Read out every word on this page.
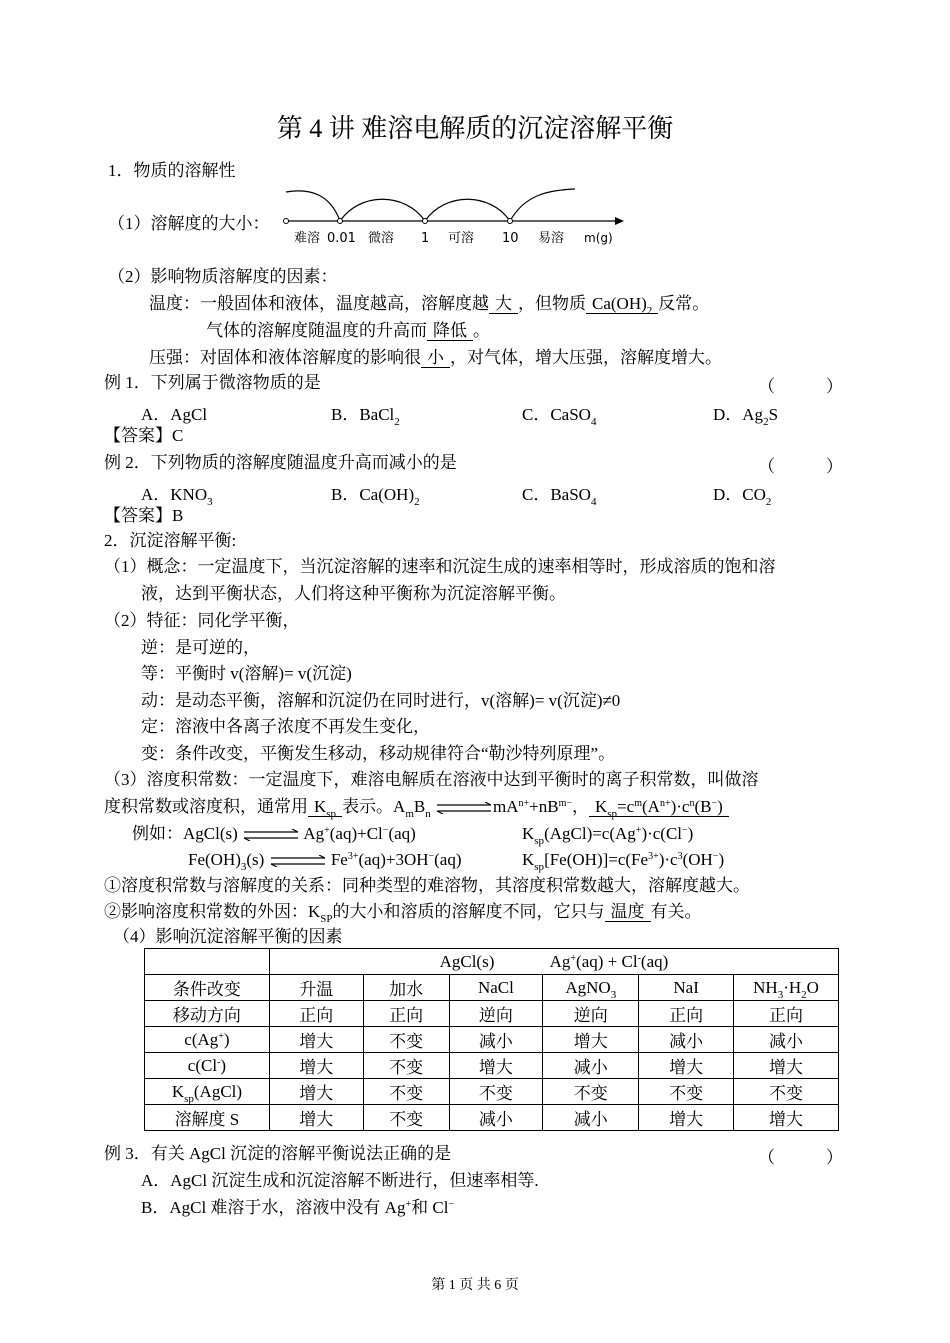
第 4 讲 难溶电解质的沉淀溶解平衡
1．物质的溶解性
（1）溶解度的大小：
难溶 0.01 微溶 1 可溶 10 易溶 m(g)
（2）影响物质溶解度的因素：
温度：一般固体和液体，温度越高，溶解度越 大 ，但物质 $Ca(OH)_2$ 反常。
气体的溶解度随温度的升高而 降低 。
压强：对固体和液体溶解度的影响很 小 ，对气体，增大压强，溶解度增大。
例 1．下列属于微溶物质的是	（　　　）
A．AgCl	B．BaCl$_2$	C．CaSO$_4$	D．$Ag_2S$
【答案】C
例 2．下列物质的溶解度随温度升高而减小的是	（　　　）
A．$KNO_3$	B．$Ca(OH)_2$	C．BaSO$_4$	D．$CO_2$
【答案】B
2．沉淀溶解平衡:
（1）概念：一定温度下，当沉淀溶解的速率和沉淀生成的速率相等时，形成溶质的饱和溶
液，达到平衡状态，人们将这种平衡称为沉淀溶解平衡。
（2）特征：同化学平衡，
逆：是可逆的，
等：平衡时 v(溶解)= v(沉淀)
动：是动态平衡，溶解和沉淀仍在同时进行，v(溶解)= v(沉淀)≠0
定：溶液中各离子浓度不再发生变化，
变：条件改变，平衡发生移动，移动规律符合“勒沙特列原理”。
（3）溶度积常数：一定温度下，难溶电解质在溶液中达到平衡时的离子积常数，叫做溶
度积常数或溶度积，通常用 $K_{sp}$ 表示。$A_mB_n$ $\rightleftharpoons mA^{n+}+nB^{m-}$， $K_{sp}=c^m(A^{n+})\cdot c^n(B^-)$
例如：AgCl(s) ⇌ Ag+(aq)+Cl−(aq)	$K_{sp}(AgCl)=c(Ag^+)\cdot c(Cl^-)$
$Fe(OH)_3(s)$ ⇌ $Fe^{3+}(aq)+3OH^-(aq)$	$K_{sp}[Fe(OH)]=c(Fe^{3+})\cdot c^3(OH^-)$
①溶度积常数与溶解度的关系：同种类型的难溶物，其溶度积常数越大，溶解度越大。
②影响溶度积常数的外因：$K_{SP}$的大小和溶质的溶解度不同，它只与 温度 有关。
（4）影响沉淀溶解平衡的因素
	AgCl(s) Ag+(aq) + Cl-(aq)					
条件改变	升温	加水	NaCl	AgNO$_3$	NaI	$NH_3\cdot H_2O$
移动方向	正向	正向	逆向	逆向	正向	正向
c(Ag+)	增大	不变	减小	增大	减小	减小
c(Cl-)	增大	不变	增大	减小	增大	增大
$K_{sp}(AgCl)$	增大	不变	不变	不变	不变	不变
溶解度 S	增大	不变	减小	减小	增大	增大
例 3．有关 AgCl 沉淀的溶解平衡说法正确的是	（　　　）
A．AgCl 沉淀生成和沉淀溶解不断进行，但速率相等.
B．AgCl 难溶于水，溶液中没有 Ag+和 Cl−
第 1 页 共 6 页
